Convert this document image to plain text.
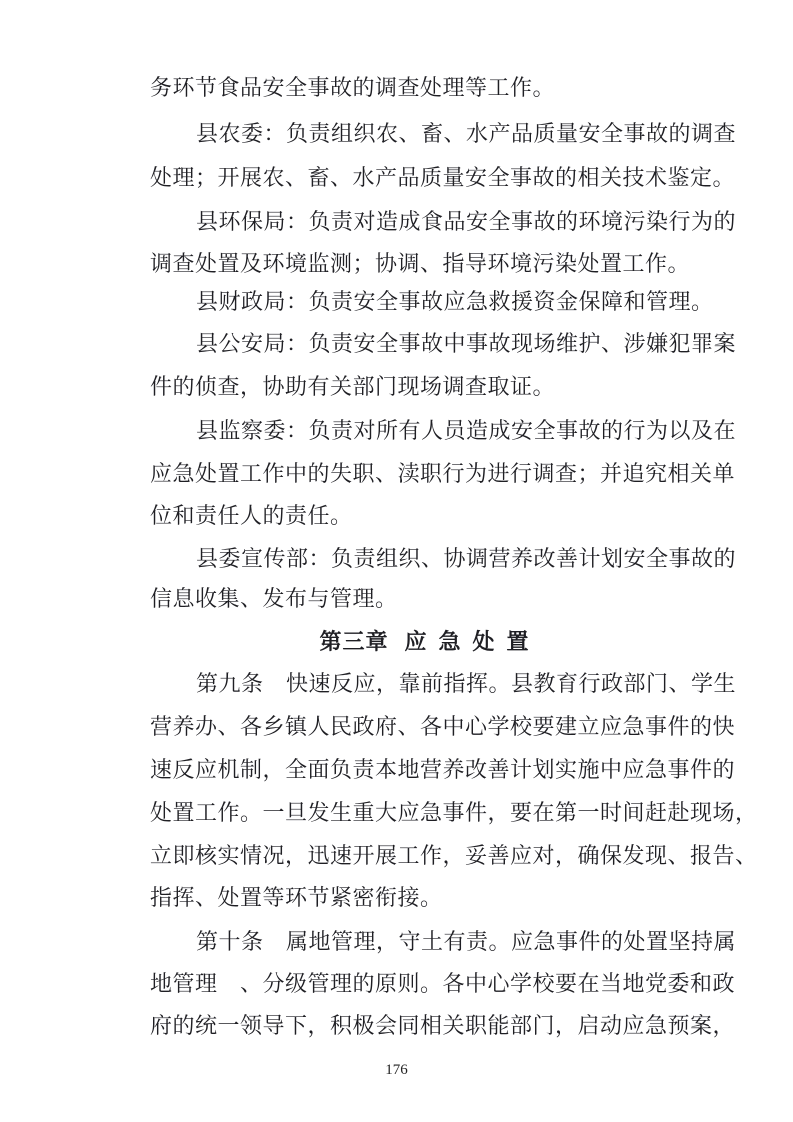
务环节食品安全事故的调查处理等工作。
县农委：负责组织农、畜、水产品质量安全事故的调查
处理；开展农、畜、水产品质量安全事故的相关技术鉴定。
县环保局：负责对造成食品安全事故的环境污染行为的
调查处置及环境监测；协调、指导环境污染处置工作。
县财政局：负责安全事故应急救援资金保障和管理。
县公安局：负责安全事故中事故现场维护、涉嫌犯罪案
件的侦查，协助有关部门现场调查取证。
县监察委：负责对所有人员造成安全事故的行为以及在
应急处置工作中的失职、渎职行为进行调查；并追究相关单
位和责任人的责任。
县委宣传部：负责组织、协调营养改善计划安全事故的
信息收集、发布与管理。
第三章 应急处置
第九条　快速反应，靠前指挥。县教育行政部门、学生
营养办、各乡镇人民政府、各中心学校要建立应急事件的快
速反应机制，全面负责本地营养改善计划实施中应急事件的
处置工作。一旦发生重大应急事件，要在第一时间赶赴现场，
立即核实情况，迅速开展工作，妥善应对，确保发现、报告、
指挥、处置等环节紧密衔接。
第十条　属地管理，守土有责。应急事件的处置坚持属
地管理　、分级管理的原则。各中心学校要在当地党委和政
府的统一领导下，积极会同相关职能部门，启动应急预案，
176
